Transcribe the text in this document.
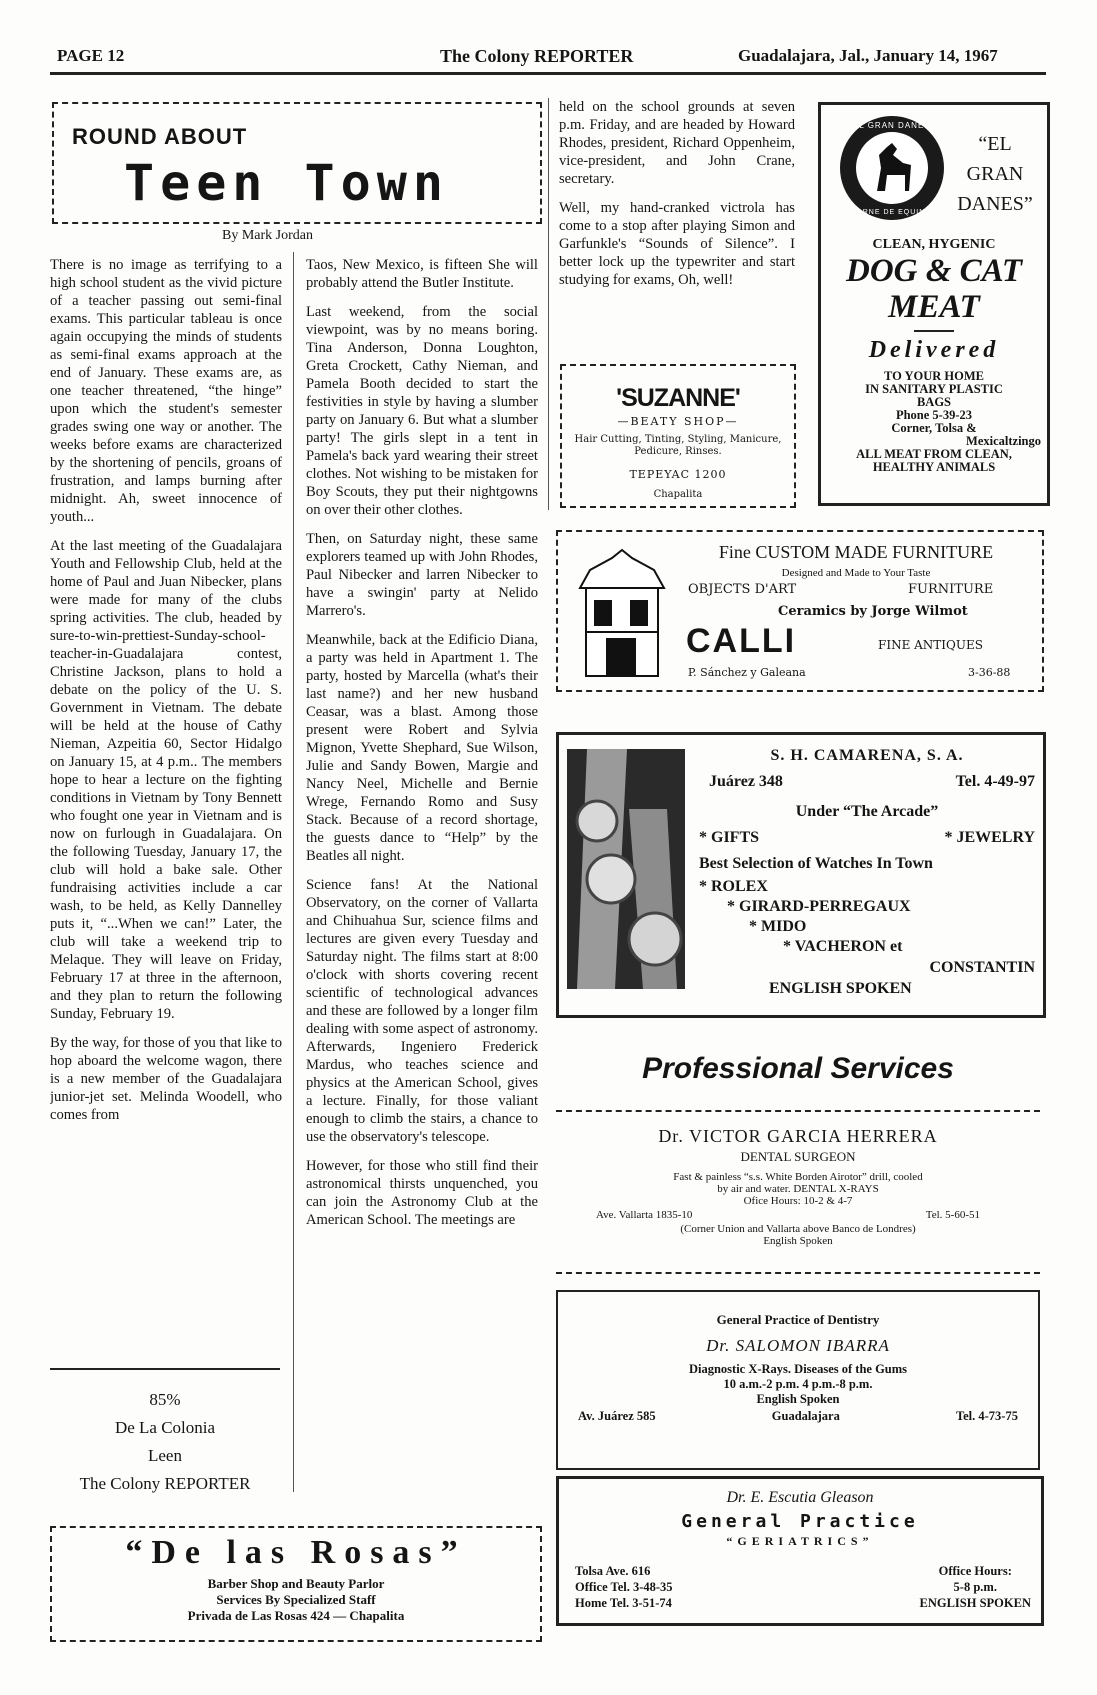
PAGE 12	The Colony REPORTER	Guadalajara, Jal., January 14, 1967
ROUND ABOUT
Teen Town
By Mark Jordan

There is no image as terrifying to a high school student as the vivid picture of a teacher passing out semi-final exams. This particular tableau is once again occupying the minds of students as semi-final exams approach at the end of January. These exams are, as one teacher threatened, “the hinge” upon which the student's semester grades swing one way or another. The weeks before exams are characterized by the shortening of pencils, groans of frustration, and lamps burning after midnight. Ah, sweet innocence of youth...

At the last meeting of the Guadalajara Youth and Fellowship Club, held at the home of Paul and Juan Nibecker, plans were made for many of the clubs spring activities. The club, headed by sure-to-win-prettiest-Sunday-school-teacher-in-Guadalajara contest, Christine Jackson, plans to hold a debate on the policy of the U. S. Government in Vietnam. The debate will be held at the house of Cathy Nieman, Azpeitia 60, Sector Hidalgo on January 15, at 4 p.m.. The members hope to hear a lecture on the fighting conditions in Vietnam by Tony Bennett who fought one year in Vietnam and is now on furlough in Guadalajara. On the following Tuesday, January 17, the club will hold a bake sale. Other fundraising activities include a car wash, to be held, as Kelly Dannelley puts it, “...When we can!” Later, the club will take a weekend trip to Melaque. They will leave on Friday, February 17 at three in the afternoon, and they plan to return the following Sunday, February 19.

By the way, for those of you that like to hop aboard the welcome wagon, there is a new member of the Guadalajara junior-jet set. Melinda Woodell, who comes from

85%
De La Colonia
Leen
The Colony REPORTER

Taos, New Mexico, is fifteen She will probably attend the Butler Institute.

Last weekend, from the social viewpoint, was by no means boring. Tina Anderson, Donna Loughton, Greta Crockett, Cathy Nieman, and Pamela Booth decided to start the festivities in style by having a slumber party on January 6. But what a slumber party! The girls slept in a tent in Pamela's back yard wearing their street clothes. Not wishing to be mistaken for Boy Scouts, they put their nightgowns on over their other clothes.

Then, on Saturday night, these same explorers teamed up with John Rhodes, Paul Nibecker and larren Nibecker to have a swingin' party at Nelido Marrero's.

Meanwhile, back at the Edificio Diana, a party was held in Apartment 1. The party, hosted by Marcella (what's their last name?) and her new husband Ceasar, was a blast. Among those present were Robert and Sylvia Mignon, Yvette Shephard, Sue Wilson, Julie and Sandy Bowen, Margie and Nancy Neel, Michelle and Bernie Wrege, Fernando Romo and Susy Stack. Because of a record shortage, the guests dance to “Help” by the Beatles all night.

Science fans! At the National Observatory, on the corner of Vallarta and Chihuahua Sur, science films and lectures are given every Tuesday and Saturday night. The films start at 8:00 o'clock with shorts covering recent scientific of technological advances and these are followed by a longer film dealing with some aspect of astronomy. Afterwards, Ingeniero Frederick Mardus, who teaches science and physics at the American School, gives a lecture. Finally, for those valiant enough to climb the stairs, a chance to use the observatory's telescope.

However, for those who still find their astronomical thirsts unquenched, you can join the Astronomy Club at the American School. The meetings are

held on the school grounds at seven p.m. Friday, and are headed by Howard Rhodes, president, Richard Oppenheim, vice-president, and John Crane, secretary.

Well, my hand-cranked victrola has come to a stop after playing Simon and Garfunkle's “Sounds of Silence”. I better lock up the typewriter and start studying for exams, Oh, well!

'SUZANNE'
—BEATY SHOP—
Hair Cutting, Tinting, Styling, Manicure, Pedicure, Rinses.
TEPEYAC 1200
Chapalita
EL GRAN DANES
CARNE DE EQUINO
“EL
GRAN
DANES”
CLEAN, HYGENIC
DOG & CAT
MEAT
Delivered
TO YOUR HOME
IN SANITARY PLASTIC
BAGS
Phone 5-39-23
Corner, Tolsa &
Mexicaltzingo
ALL MEAT FROM CLEAN,
HEALTHY ANIMALS
Fine CUSTOM MADE FURNITURE
Designed and Made to Your Taste
OBJECTS D'ART	FURNITURE
Ceramics by Jorge Wilmot
CALLI	FINE ANTIQUES
P. Sánchez y Galeana	3-36-88
S. H. CAMARENA, S. A.
Juárez 348	Tel. 4-49-97
Under “The Arcade”
* GIFTS	* JEWELRY
Best Selection of Watches In Town
* ROLEX
* GIRARD-PERREGAUX
* MIDO
* VACHERON et
CONSTANTIN
ENGLISH SPOKEN
Professional Services
Dr. VICTOR GARCIA HERRERA
DENTAL SURGEON
Fast & painless “s.s. White Borden Airotor” drill, cooled
by air and water. DENTAL X-RAYS
Ofice Hours: 10-2 & 4-7
Ave. Vallarta 1835-10	Tel. 5-60-51
(Corner Union and Vallarta above Banco de Londres)
English Spoken
General Practice of Dentistry
Dr. SALOMON IBARRA
Diagnostic X-Rays. Diseases of the Gums
10 a.m.-2 p.m. 4 p.m.-8 p.m.
English Spoken
Av. Juárez 585	Guadalajara	Tel. 4-73-75
Dr. E. Escutia Gleason
General Practice
“GERIATRICS”
Tolsa Ave. 616
Office Tel. 3-48-35
Home Tel. 3-51-74
Office Hours:
5-8 p.m.
ENGLISH SPOKEN
“De las Rosas”
Barber Shop and Beauty Parlor
Services By Specialized Staff
Privada de Las Rosas 424 — Chapalita
